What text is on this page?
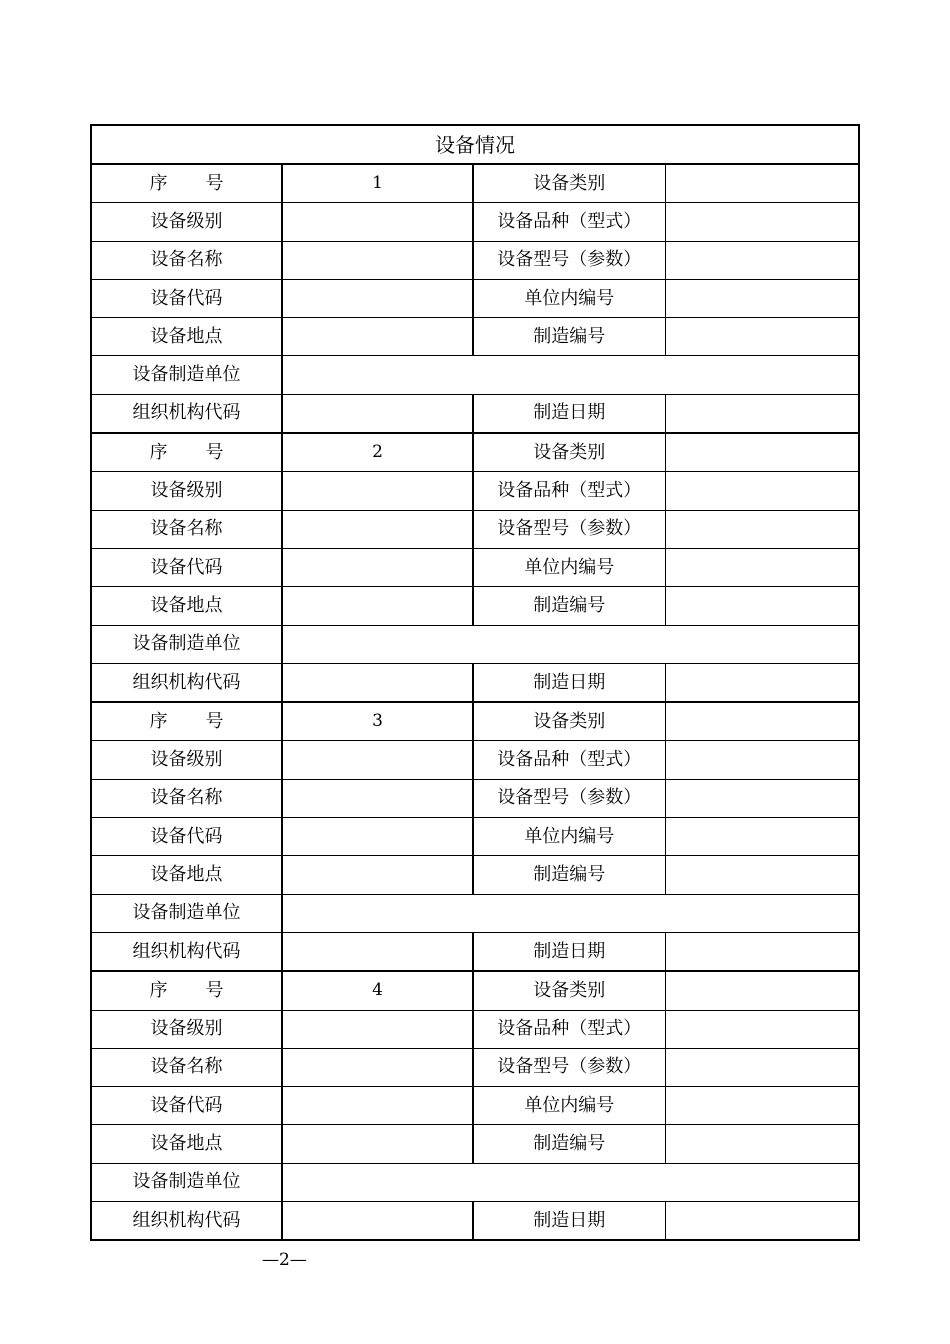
设备情况			
序 号	1	设备类别	
设备级别		设备品种（型式）	
设备名称		设备型号（参数）	
设备代码		单位内编号	
设备地点		制造编号	
设备制造单位			
组织机构代码		制造日期	
序 号	2	设备类别	
设备级别		设备品种（型式）	
设备名称		设备型号（参数）	
设备代码		单位内编号	
设备地点		制造编号	
设备制造单位			
组织机构代码		制造日期	
序 号	3	设备类别	
设备级别		设备品种（型式）	
设备名称		设备型号（参数）	
设备代码		单位内编号	
设备地点		制造编号	
设备制造单位			
组织机构代码		制造日期	
序 号	4	设备类别	
设备级别		设备品种（型式）	
设备名称		设备型号（参数）	
设备代码		单位内编号	
设备地点		制造编号	
设备制造单位			
组织机构代码		制造日期	
—2—
